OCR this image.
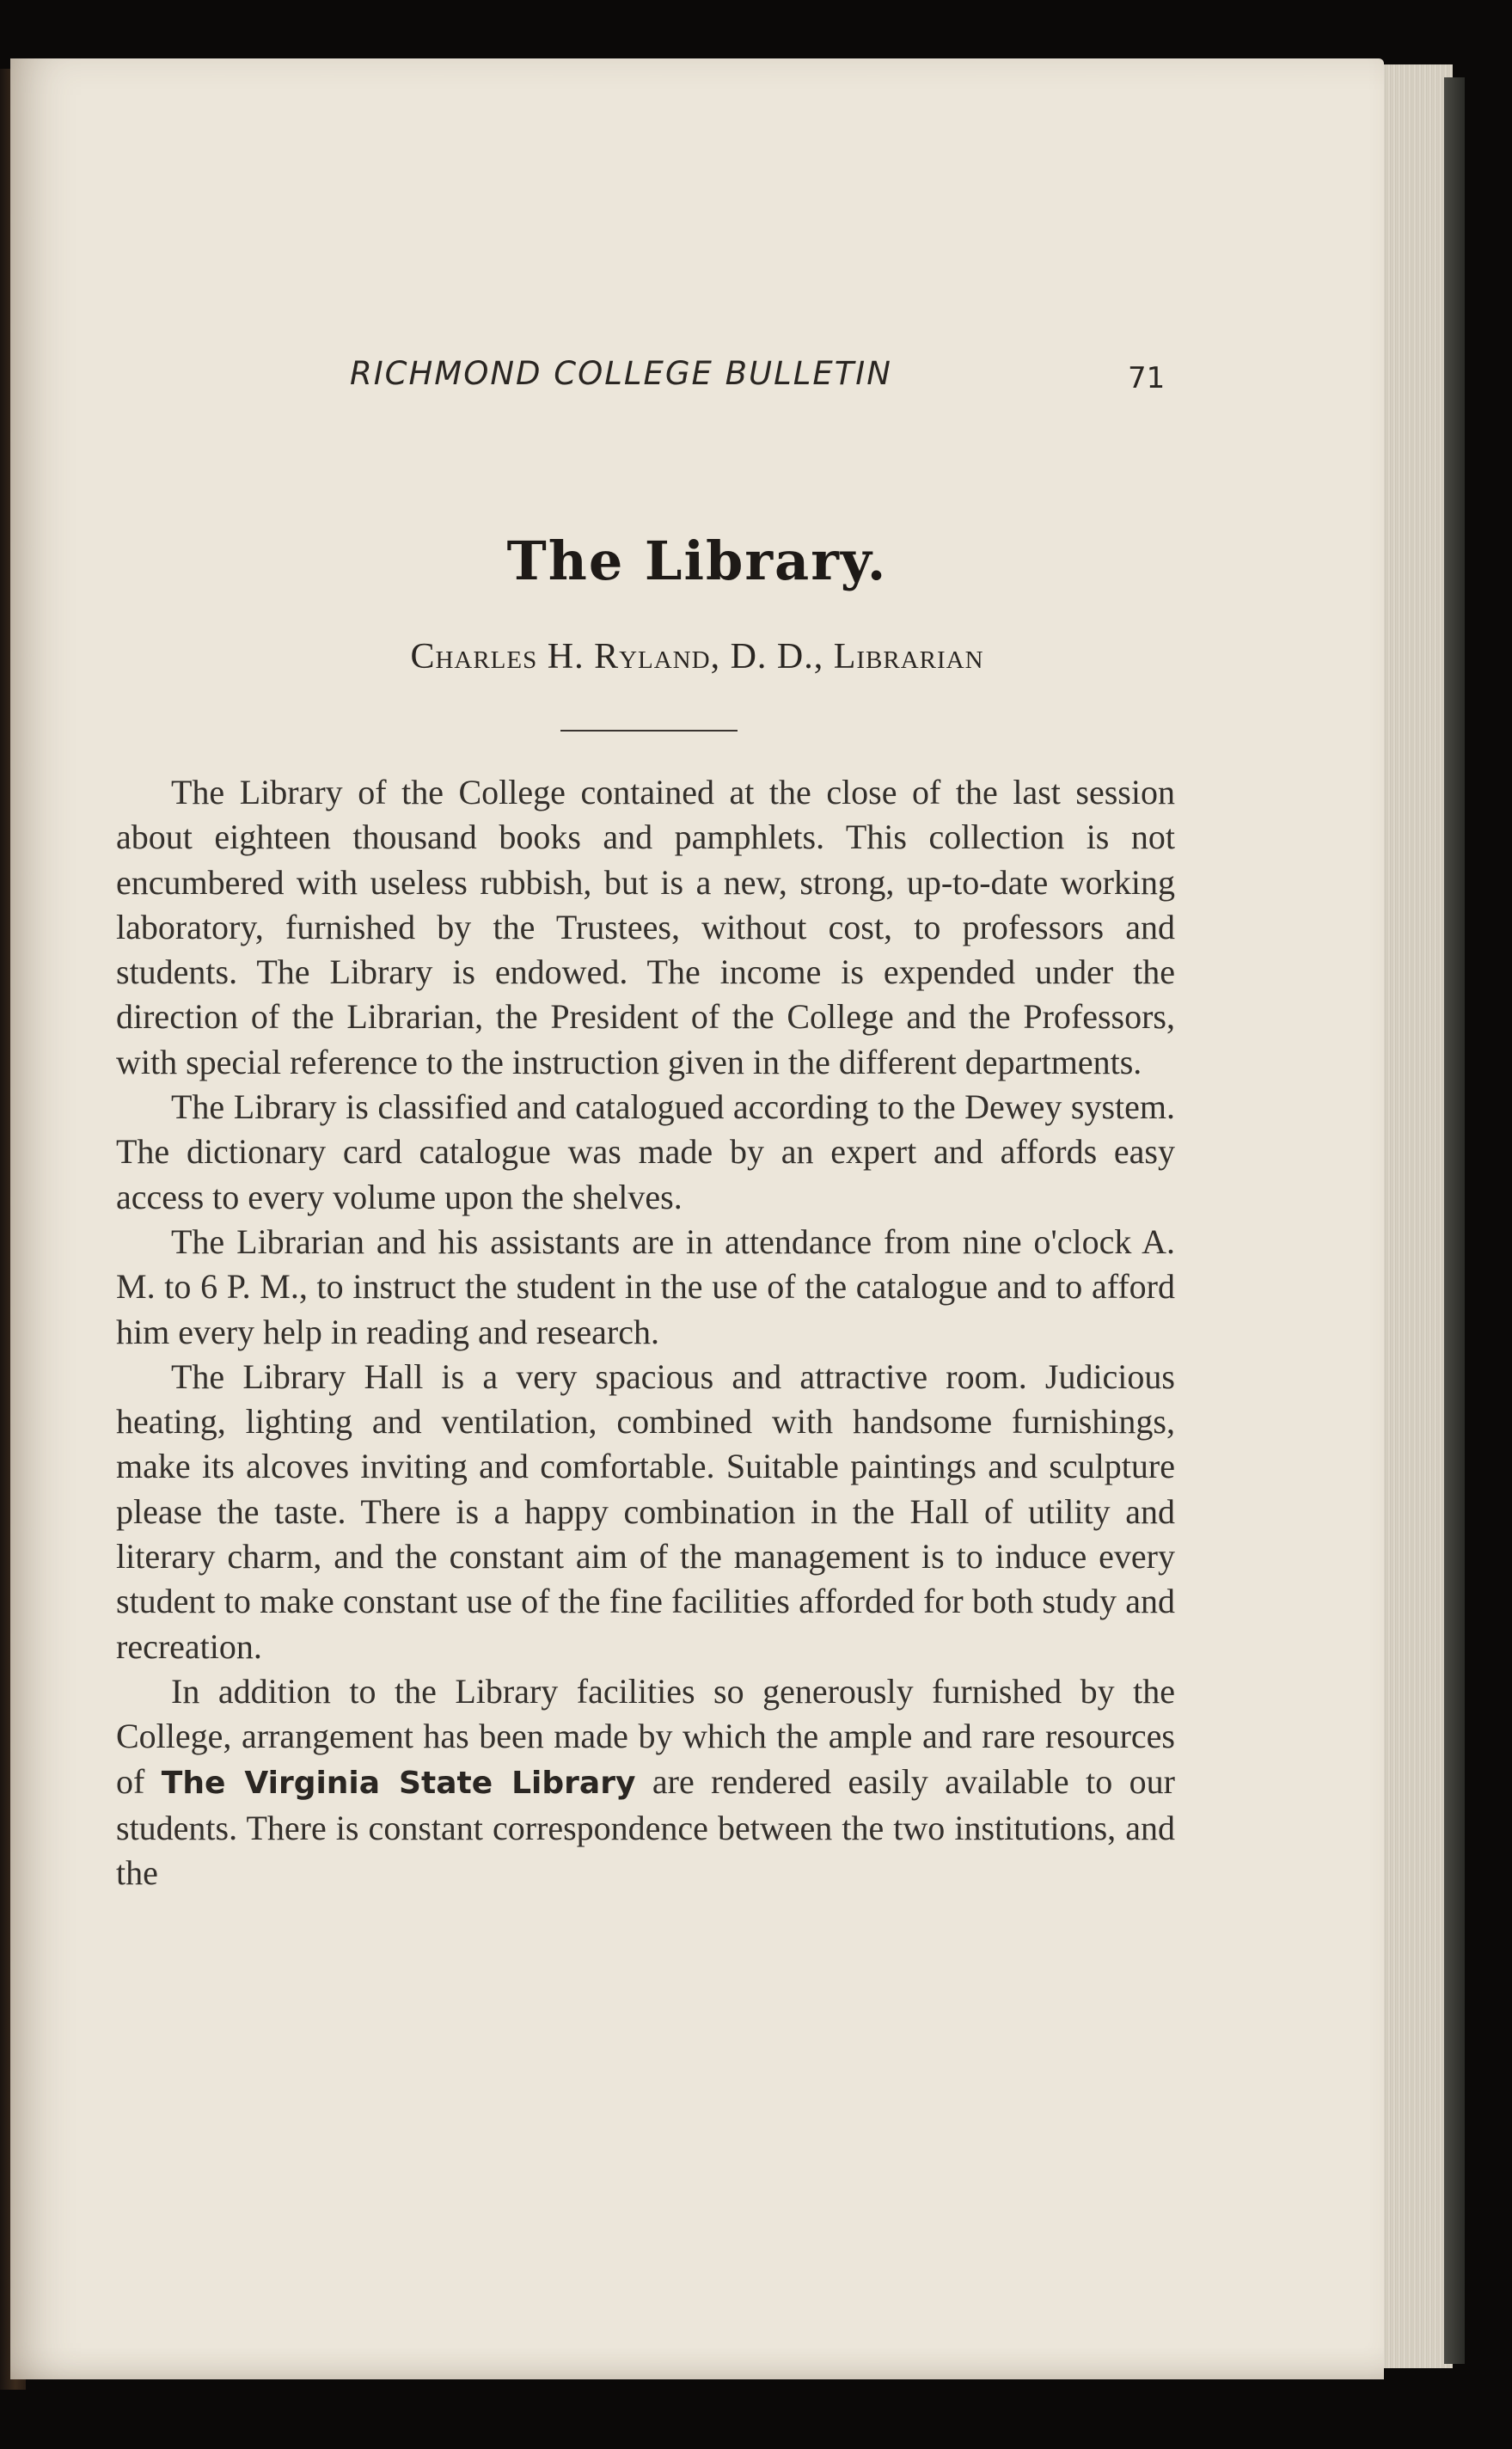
RICHMOND COLLEGE BULLETIN	71
The Library.
Charles H. Ryland, D. D., Librarian

The Library of the College contained at the close of the last session about eighteen thousand books and pamphlets. This collection is not encumbered with useless rubbish, but is a new, strong, up-to-date working laboratory, furnished by the Trustees, without cost, to professors and students. The Library is endowed. The income is expended under the direction of the Librarian, the President of the College and the Professors, with special reference to the instruction given in the different departments.

The Library is classified and catalogued according to the Dewey system. The dictionary card catalogue was made by an expert and affords easy access to every volume upon the shelves.

The Librarian and his assistants are in attendance from nine o'clock A. M. to 6 P. M., to instruct the student in the use of the catalogue and to afford him every help in reading and research.

The Library Hall is a very spacious and attractive room. Judicious heating, lighting and ventilation, combined with handsome furnishings, make its alcoves inviting and comfortable. Suitable paintings and sculpture please the taste. There is a happy combination in the Hall of utility and literary charm, and the constant aim of the management is to induce every student to make constant use of the fine facilities afforded for both study and recreation.

In addition to the Library facilities so generously furnished by the College, arrangement has been made by which the ample and rare resources of The Virginia State Library are rendered easily available to our students. There is constant correspondence between the two institutions, and the
